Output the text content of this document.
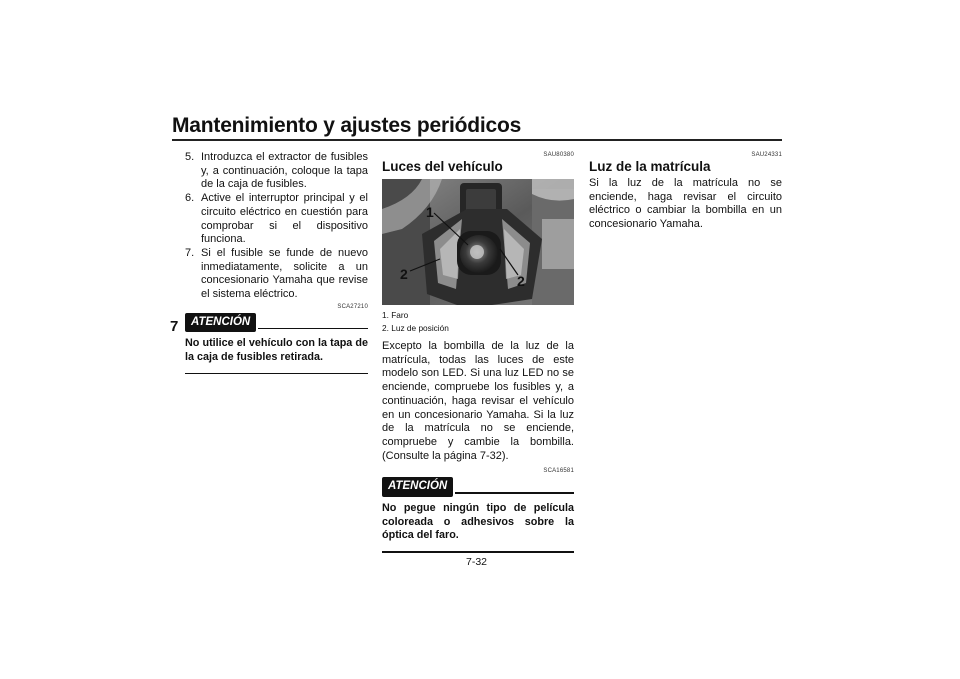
Mantenimiento y ajustes periódicos
7
5. Introduzca el extractor de fusibles y, a continuación, coloque la tapa de la caja de fusibles.
6. Active el interruptor principal y el circuito eléctrico en cuestión para comprobar si el dispositivo funciona.
7. Si el fusible se funde de nuevo inmediatamente, solicite a un concesionario Yamaha que revise el sistema eléctrico.
SCA27210
ATENCIÓN
No utilice el vehículo con la tapa de la caja de fusibles retirada.
SAU80380
Luces del vehículo
1
2	2
1. Faro
2. Luz de posición
Excepto la bombilla de la luz de la matrícula, todas las luces de este modelo son LED. Si una luz LED no se enciende, compruebe los fusibles y, a continuación, haga revisar el vehículo en un concesionario Yamaha. Si la luz de la matrícula no se enciende, compruebe y cambie la bombilla. (Consulte la página 7-32).
SCA16581
ATENCIÓN
No pegue ningún tipo de película coloreada o adhesivos sobre la óptica del faro.
SAU24331
Luz de la matrícula
Si la luz de la matrícula no se enciende, haga revisar el circuito eléctrico o cambiar la bombilla en un concesionario Yamaha.
7-32
